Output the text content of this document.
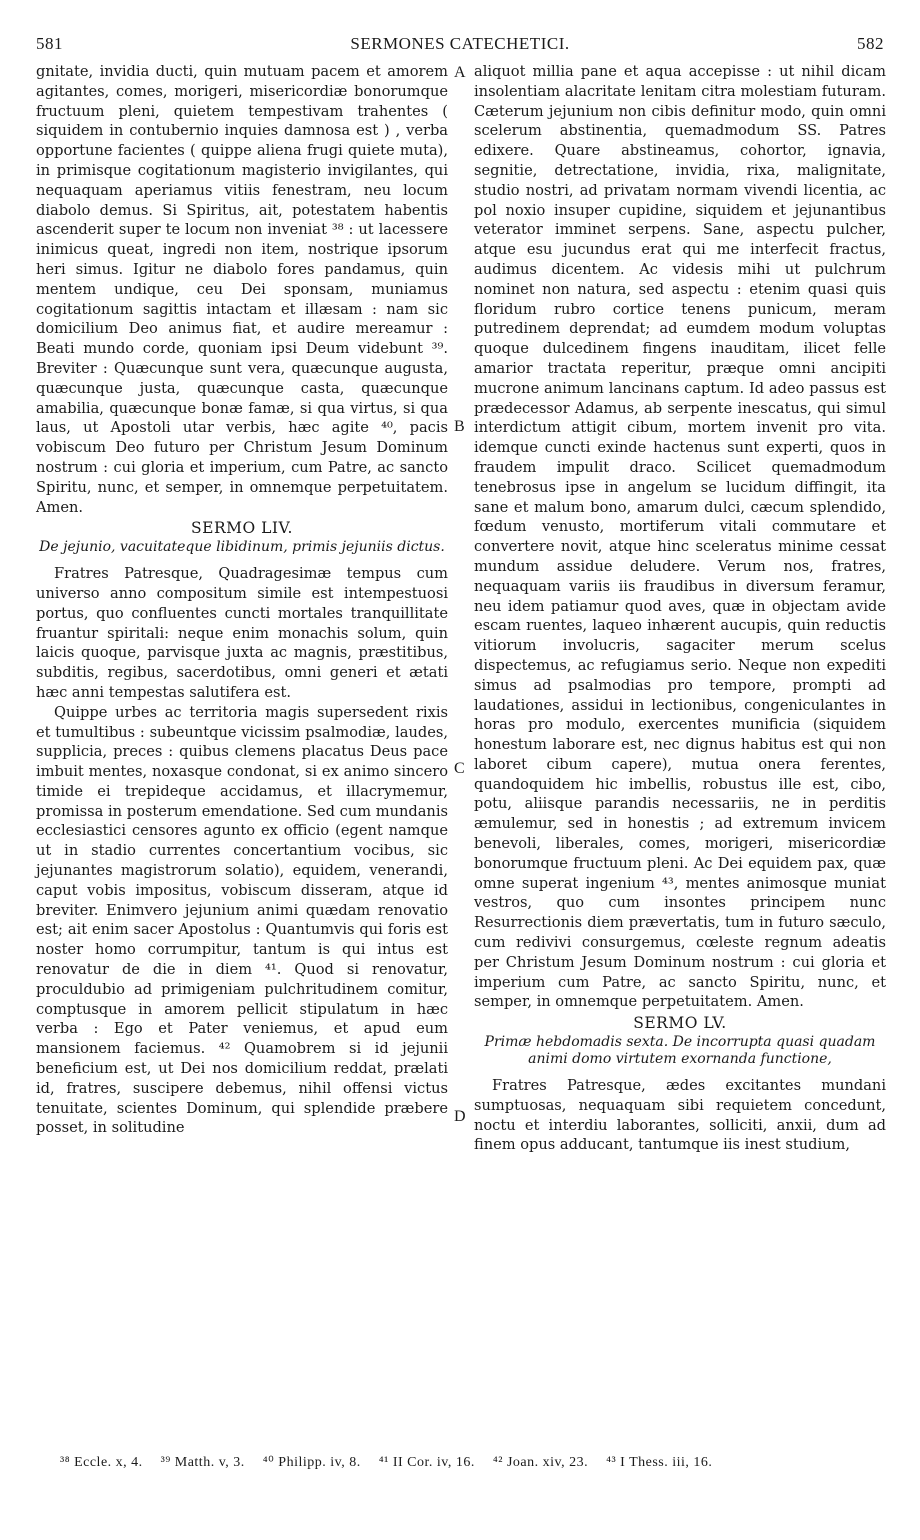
581	SERMONES CATECHETICI.	582

gnitate, invidia ducti, quin mutuam pacem et amorem agitantes, comes, morigeri, misericordiæ bonorumque fructuum pleni, quietem tempestivam trahentes ( siquidem in contubernio inquies damnosa est ) , verba opportune facientes ( quippe aliena frugi quiete muta), in primisque cogitationum magisterio invigilantes, qui nequaquam aperiamus vitiis fenestram, neu locum diabolo demus. Si Spiritus, ait, potestatem habentis ascenderit super te locum non inveniat ³⁸ : ut lacessere inimicus queat, ingredi non item, nostrique ipsorum heri simus. Igitur ne diabolo fores pandamus, quin mentem undique, ceu Dei sponsam, muniamus cogitationum sagittis intactam et illæsam : nam sic domicilium Deo animus fiat, et audire mereamur : Beati mundo corde, quoniam ipsi Deum videbunt ³⁹. Breviter : Quæcunque sunt vera, quæcunque augusta, quæcunque justa, quæcunque casta, quæcunque amabilia, quæcunque bonæ famæ, si qua virtus, si qua laus, ut Apostoli utar verbis, hæc agite ⁴⁰, pacis vobiscum Deo futuro per Christum Jesum Dominum nostrum : cui gloria et imperium, cum Patre, ac sancto Spiritu, nunc, et semper, in omnemque perpetuitatem. Amen.

SERMO LIV.
De jejunio, vacuitateque libidinum, primis jejuniis dictus.

Fratres Patresque, Quadragesimæ tempus cum universo anno compositum simile est intempestuosi portus, quo confluentes cuncti mortales tranquillitate fruantur spiritali: neque enim monachis solum, quin laicis quoque, parvisque juxta ac magnis, præstitibus, subditis, regibus, sacerdotibus, omni generi et ætati hæc anni tempestas salutifera est.

Quippe urbes ac territoria magis supersedent rixis et tumultibus : subeuntque vicissim psalmodiæ, laudes, supplicia, preces : quibus clemens placatus Deus pace imbuit mentes, noxasque condonat, si ex animo sincero timide ei trepideque accidamus, et illacrymemur, promissa in posterum emendatione. Sed cum mundanis ecclesiastici censores agunto ex officio (egent namque ut in stadio currentes concertantium vocibus, sic jejunantes magistrorum solatio), equidem, venerandi, caput vobis impositus, vobiscum disseram, atque id breviter. Enimvero jejunium animi quædam renovatio est; ait enim sacer Apostolus : Quantumvis qui foris est noster homo corrumpitur, tantum is qui intus est renovatur de die in diem ⁴¹. Quod si renovatur, proculdubio ad primigeniam pulchritudinem comitur, comptusque in amorem pellicit stipulatum in hæc verba : Ego et Pater veniemus, et apud eum mansionem faciemus. ⁴² Quamobrem si id jejunii beneficium est, ut Dei nos domicilium reddat, prælati id, fratres, suscipere debemus, nihil offensi victus tenuitate, scientes Dominum, qui splendide præbere posset, in solitudine

A
B
C
D

aliquot millia pane et aqua accepisse : ut nihil dicam insolentiam alacritate lenitam citra molestiam futuram. Cæterum jejunium non cibis definitur modo, quin omni scelerum abstinentia, quemadmodum SS. Patres edixere. Quare abstineamus, cohortor, ignavia, segnitie, detrectatione, invidia, rixa, malignitate, studio nostri, ad privatam normam vivendi licentia, ac pol noxio insuper cupidine, siquidem et jejunantibus veterator imminet serpens. Sane, aspectu pulcher, atque esu jucundus erat qui me interfecit fractus, audimus dicentem. Ac videsis mihi ut pulchrum nominet non natura, sed aspectu : etenim quasi quis floridum rubro cortice tenens punicum, meram putredinem deprendat; ad eumdem modum voluptas quoque dulcedinem fingens inauditam, ilicet felle amarior tractata reperitur, præque omni ancipiti mucrone animum lancinans captum. Id adeo passus est prædecessor Adamus, ab serpente inescatus, qui simul interdictum attigit cibum, mortem invenit pro vita. idemque cuncti exinde hactenus sunt experti, quos in fraudem impulit draco. Scilicet quemadmodum tenebrosus ipse in angelum se lucidum diffingit, ita sane et malum bono, amarum dulci, cæcum splendido, fœdum venusto, mortiferum vitali commutare et convertere novit, atque hinc sceleratus minime cessat mundum assidue deludere. Verum nos, fratres, nequaquam variis iis fraudibus in diversum feramur, neu idem patiamur quod aves, quæ in objectam avide escam ruentes, laqueo inhærent aucupis, quin reductis vitiorum involucris, sagaciter merum scelus dispectemus, ac refugiamus serio. Neque non expediti simus ad psalmodias pro tempore, prompti ad laudationes, assidui in lectionibus, congeniculantes in horas pro modulo, exercentes munificia (siquidem honestum laborare est, nec dignus habitus est qui non laboret cibum capere), mutua onera ferentes, quandoquidem hic imbellis, robustus ille est, cibo, potu, aliisque parandis necessariis, ne in perditis æmulemur, sed in honestis ; ad extremum invicem benevoli, liberales, comes, morigeri, misericordiæ bonorumque fructuum pleni. Ac Dei equidem pax, quæ omne superat ingenium ⁴³, mentes animosque muniat vestros, quo cum insontes principem nunc Resurrectionis diem prævertatis, tum in futuro sæculo, cum redivivi consurgemus, cœleste regnum adeatis per Christum Jesum Dominum nostrum : cui gloria et imperium cum Patre, ac sancto Spiritu, nunc, et semper, in omnemque perpetuitatem. Amen.

SERMO LV.
Primæ hebdomadis sexta. De incorrupta quasi quadam animi domo virtutem exornanda functione,

Fratres Patresque, ædes excitantes mundani sumptuosas, nequaquam sibi requietem concedunt, noctu et interdiu laborantes, solliciti, anxii, dum ad finem opus adducant, tantumque iis inest studium,

³⁸ Eccle. x, 4. ³⁹ Matth. v, 3. ⁴⁰ Philipp. iv, 8. ⁴¹ II Cor. iv, 16. ⁴² Joan. xiv, 23. ⁴³ I Thess. iii, 16.
